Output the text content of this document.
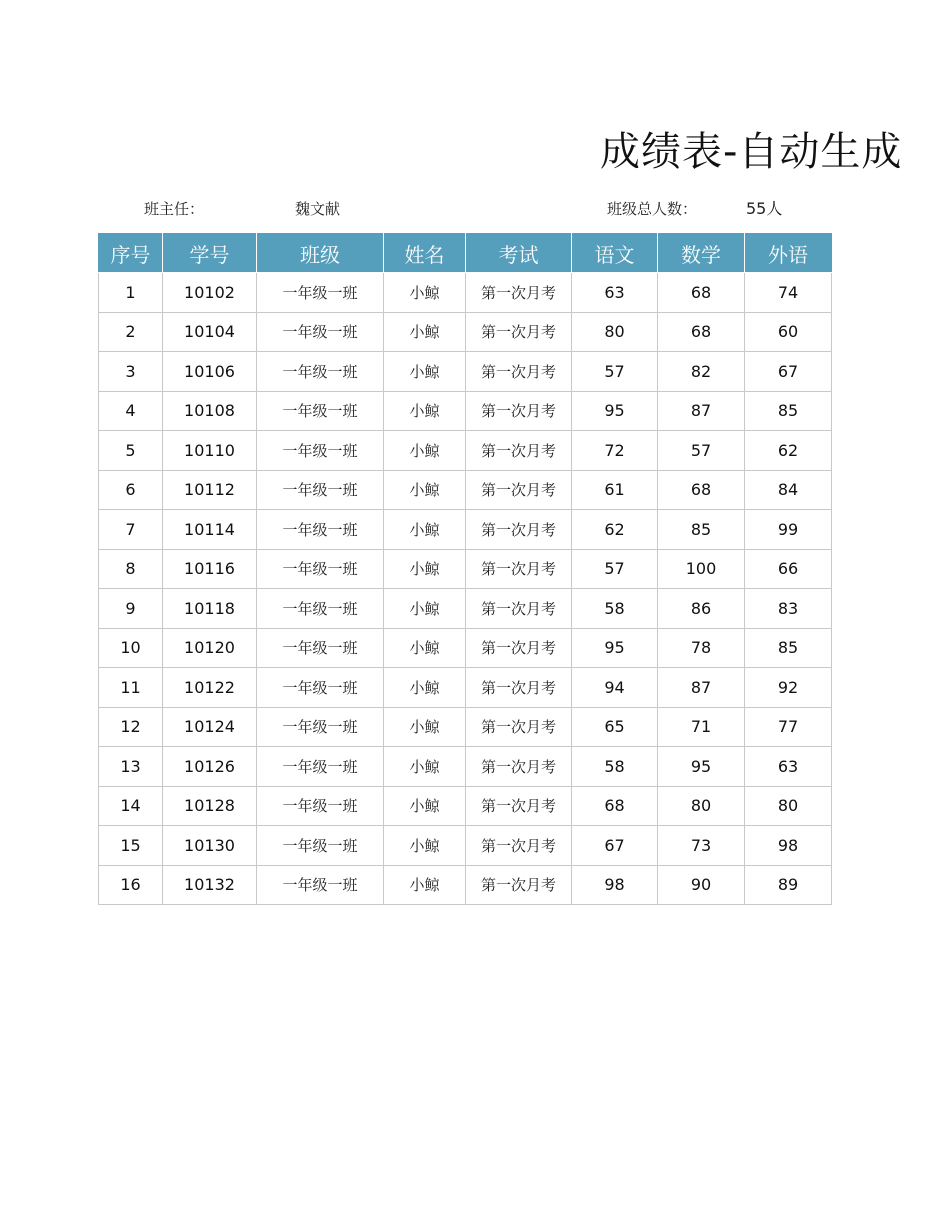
成绩表-自动生成
班主任：	魏文献	班级总人数：	55人
序号	学号	班级	姓名	考试	语文	数学	外语
1	10102	一年级一班	小鲸	第一次月考	63	68	74
2	10104	一年级一班	小鲸	第一次月考	80	68	60
3	10106	一年级一班	小鲸	第一次月考	57	82	67
4	10108	一年级一班	小鲸	第一次月考	95	87	85
5	10110	一年级一班	小鲸	第一次月考	72	57	62
6	10112	一年级一班	小鲸	第一次月考	61	68	84
7	10114	一年级一班	小鲸	第一次月考	62	85	99
8	10116	一年级一班	小鲸	第一次月考	57	100	66
9	10118	一年级一班	小鲸	第一次月考	58	86	83
10	10120	一年级一班	小鲸	第一次月考	95	78	85
11	10122	一年级一班	小鲸	第一次月考	94	87	92
12	10124	一年级一班	小鲸	第一次月考	65	71	77
13	10126	一年级一班	小鲸	第一次月考	58	95	63
14	10128	一年级一班	小鲸	第一次月考	68	80	80
15	10130	一年级一班	小鲸	第一次月考	67	73	98
16	10132	一年级一班	小鲸	第一次月考	98	90	89
